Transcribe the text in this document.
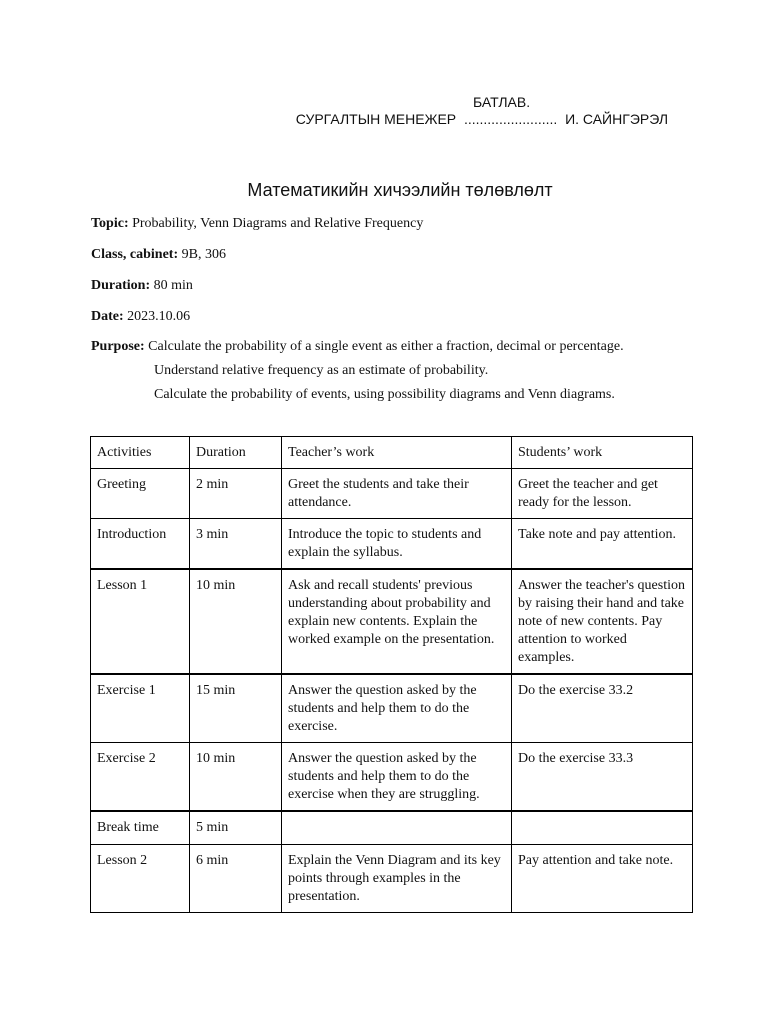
БАТЛАВ.
СУРГАЛТЫН МЕНЕЖЕР ........................ И. САЙНГЭРЭЛ
Математикийн хичээлийн төлөвлөлт
Topic: Probability, Venn Diagrams and Relative Frequency
Class, cabinet: 9B, 306
Duration: 80 min
Date: 2023.10.06
Purpose: Calculate the probability of a single event as either a fraction, decimal or percentage.
Understand relative frequency as an estimate of probability.
Calculate the probability of events, using possibility diagrams and Venn diagrams.
Activities	Duration	Teacher’s work	Students’ work
Greeting	2 min	Greet the students and take their attendance.	Greet the teacher and get ready for the lesson.
Introduction	3 min	Introduce the topic to students and explain the syllabus.	Take note and pay attention.
Lesson 1	10 min	Ask and recall students' previous understanding about probability and explain new contents. Explain the worked example on the presentation.	Answer the teacher's question by raising their hand and take note of new contents. Pay attention to worked examples.
Exercise 1	15 min	Answer the question asked by the students and help them to do the exercise.	Do the exercise 33.2
Exercise 2	10 min	Answer the question asked by the students and help them to do the exercise when they are struggling.	Do the exercise 33.3
Break time	5 min		
Lesson 2	6 min	Explain the Venn Diagram and its key points through examples in the presentation.	Pay attention and take note.
